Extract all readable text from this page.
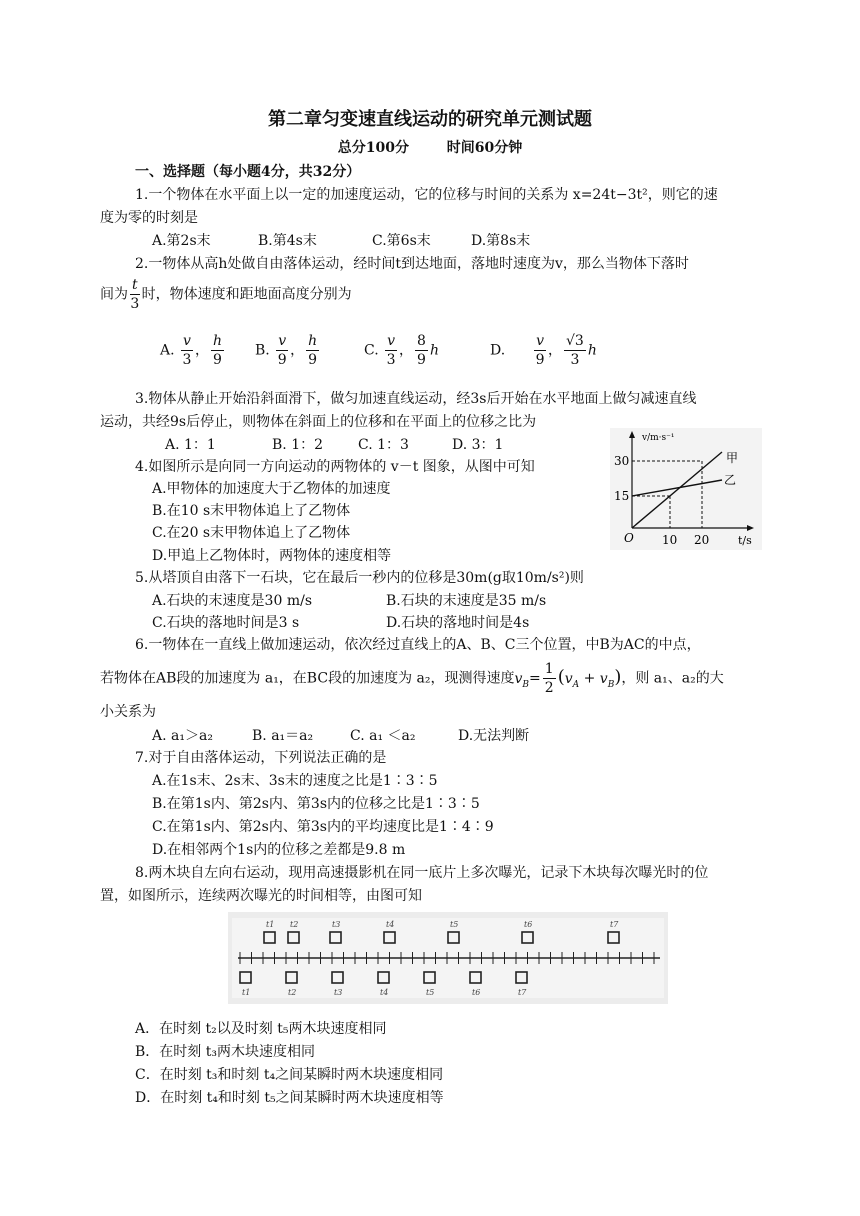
第二章匀变速直线运动的研究单元测试题
总分100分	时间60分钟
一、选择题（每小题4分，共32分）
1.一个物体在水平面上以一定的加速度运动，它的位移与时间的关系为 x=24t−3t²，则它的速
度为零的时刻是
A.第2s末	B.第4s末	C.第6s末	D.第8s末
2.一物体从高h处做自由落体运动，经时间t到达地面，落地时速度为v，那么当物体下落时
间为 $\frac{t}{3}$ 时，物体速度和距地面高度分别为
A. $\frac{v}{3}$ ， $\frac{h}{9} B$. $\frac{v}{9}$ ， $\frac{h}{9}$	C. $\frac{v}{3}$ ， $\frac{8}{9}$ h	D. $\frac{v}{9}$ ， $\frac{√3}{3}$ h
3.物体从静止开始沿斜面滑下，做匀加速直线运动，经3s后开始在水平地面上做匀减速直线
运动，共经9s后停止，则物体在斜面上的位移和在平面上的位移之比为
A. 1：1	B. 1：2 C. 1：3	D. 3：1
4.如图所示是向同一方向运动的两物体的 v－t 图象，从图中可知
A.甲物体的加速度大于乙物体的加速度
B.在10 s末甲物体追上了乙物体
C.在20 s末甲物体追上了乙物体
D.甲追上乙物体时，两物体的速度相等
v/m·s⁻¹
30
15
O 10 20	t/s
甲
乙
5.从塔顶自由落下一石块，它在最后一秒内的位移是30m(g取10m/s²)则
A.石块的末速度是30 m/s	B.石块的末速度是35 m/s
C.石块的落地时间是3 s	D.石块的落地时间是4s
6.一物体在一直线上做加速运动，依次经过直线上的A、B、C三个位置，中B为AC的中点，
若物体在AB段的加速度为 a₁，在BC段的加速度为 a₂，现测得速度$v_B= \frac{1}{2} (v_A + v_B)$，则 a₁、a₂的大
小关系为
A. a₁＞a₂	B. a₁＝a₂	C. a₁ ＜a₂	D.无法判断
7.对于自由落体运动，下列说法正确的是
A.在1s末、2s末、3s末的速度之比是1∶3∶5
B.在第1s内、第2s内、第3s内的位移之比是1∶3∶5
C.在第1s内、第2s内、第3s内的平均速度比是1∶4∶9
D.在相邻两个1s内的位移之差都是9.8 m
8.两木块自左向右运动，现用高速摄影机在同一底片上多次曝光，记录下木块每次曝光时的位
置，如图所示，连续两次曝光的时间相等，由图可知
t1 t2	t3	t4	t5	t6	t7
t1	t2	t3	t4	t5	t6	t7
A．在时刻 t₂以及时刻 t₅两木块速度相同
B．在时刻 t₃两木块速度相同
C．在时刻 t₃和时刻 t₄之间某瞬时两木块速度相同
D．在时刻 t₄和时刻 t₅之间某瞬时两木块速度相等
